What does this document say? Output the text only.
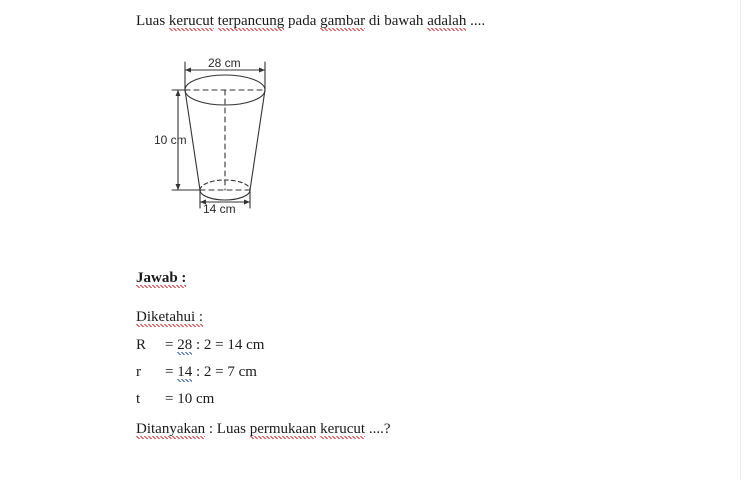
Luas kerucut terpancung pada gambar di bawah adalah ....
28 cm
10 cm
14 cm
Jawab :
Diketahui :
R = 28 : 2 = 14 cm
r = 14 : 2 = 7 cm
t = 10 cm
Ditanyakan : Luas permukaan kerucut ....?
